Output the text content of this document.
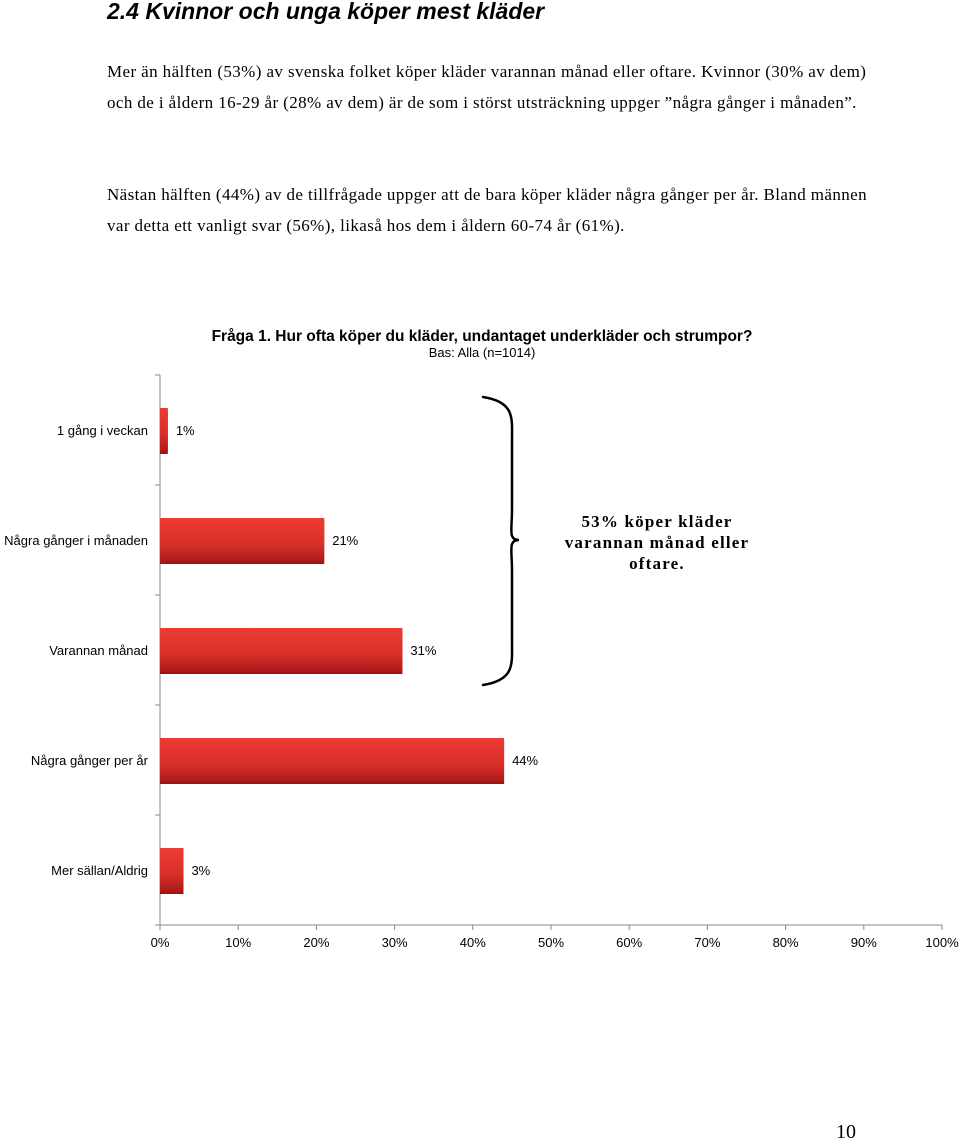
2.4 Kvinnor och unga köper mest kläder
Mer än hälften (53%) av svenska folket köper kläder varannan månad eller oftare. Kvinnor (30% av dem) och de i åldern 16-29 år (28% av dem) är de som i störst utsträckning uppger ”några gånger i månaden”.
Nästan hälften (44%) av de tillfrågade uppger att de bara köper kläder några gånger per år. Bland männen var detta ett vanligt svar (56%), likaså hos dem i åldern 60-74 år (61%).
Fråga 1. Hur ofta köper du kläder, undantaget underkläder och strumpor?
Bas: Alla (n=1014)
0%	10%	20%	30%	40%	50%	60%	70%	80%	90%	100%
1 gång i veckan 1%
Några gånger i månaden	21%
Varannan månad	31%
Några gånger per år	44%
Mer sällan/Aldrig	3%
53% köper kläder
varannan månad eller
oftare.
10
